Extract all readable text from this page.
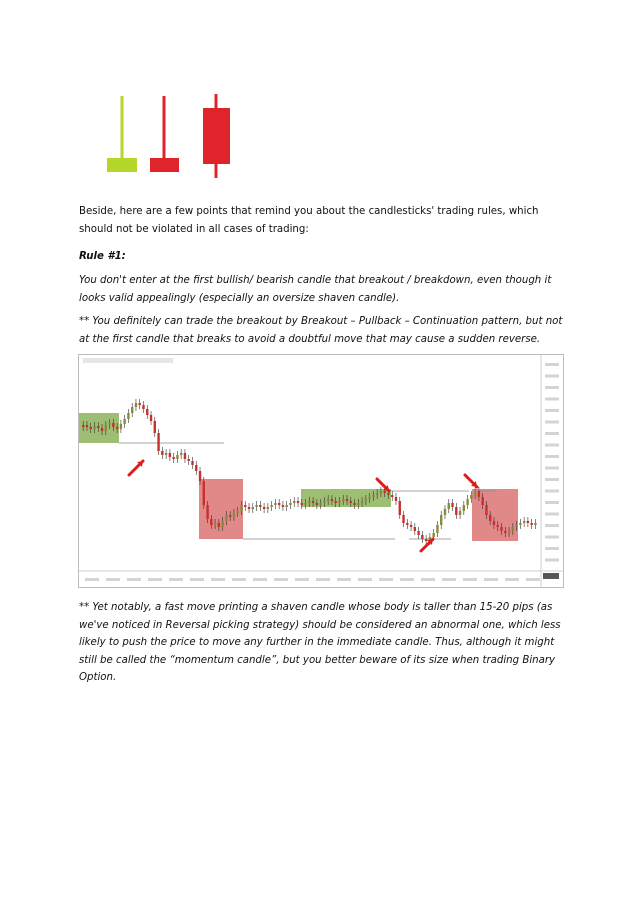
Beside, here are a few points that remind you about the candlesticks' trading rules, which should not be violated in all cases of trading:

Rule #1:

You don't enter at the first bullish/ bearish candle that breakout / breakdown, even though it looks valid appealingly (especially an oversize shaven candle).

** You definitely can trade the breakout by Breakout – Pullback – Continuation pattern, but not at the first candle that breaks to avoid a doubtful move that may cause a sudden reverse.

** Yet notably, a fast move printing a shaven candle whose body is taller than 15-20 pips (as we've noticed in Reversal picking strategy) should be considered an abnormal one, which less likely to push the price to move any further in the immediate candle. Thus, although it might still be called the “momentum candle”, but you better beware of its size when trading Binary Option.
